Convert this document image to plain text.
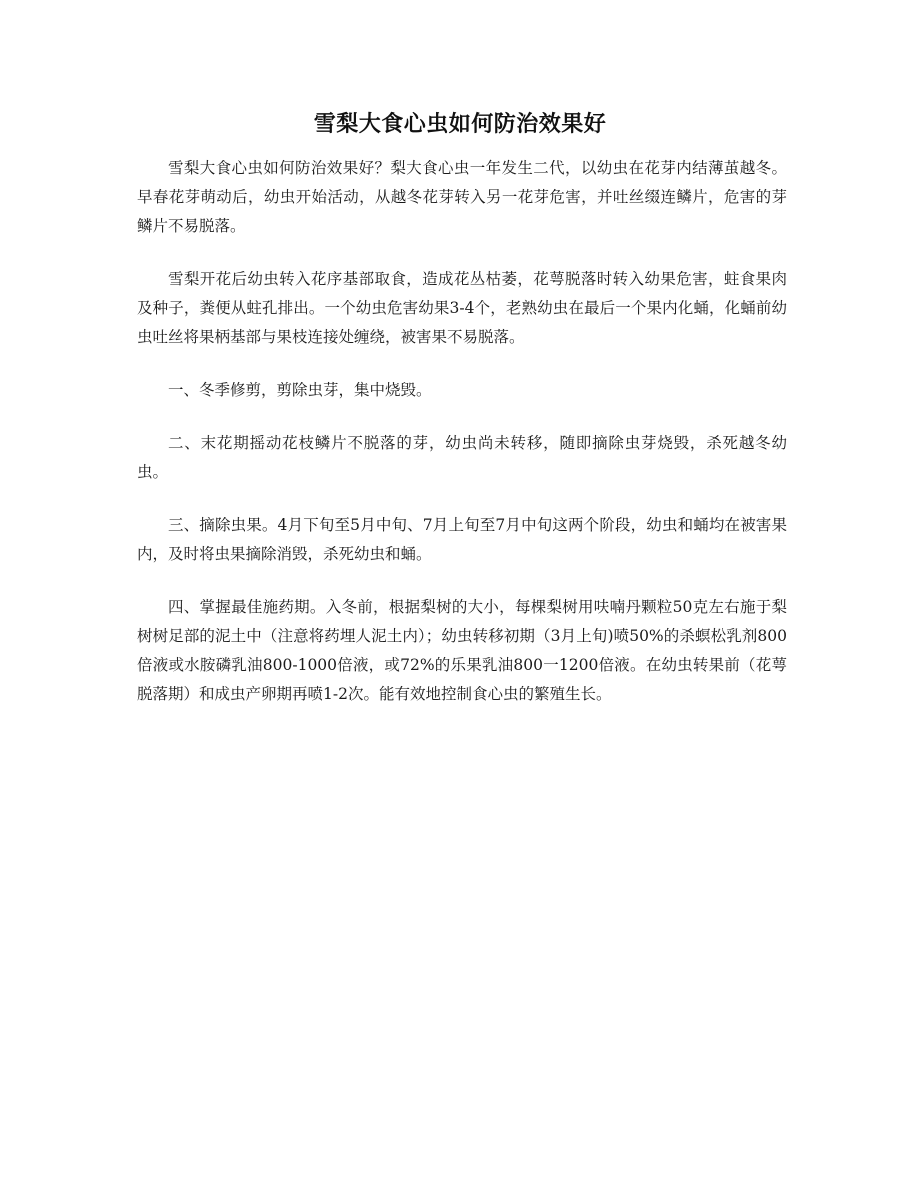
雪梨大食心虫如何防治效果好

雪梨大食心虫如何防治效果好？梨大食心虫一年发生二代，以幼虫在花芽内结薄茧越冬。早春花芽萌动后，幼虫开始活动，从越冬花芽转入另一花芽危害，并吐丝缀连鳞片，危害的芽鳞片不易脱落。

雪梨开花后幼虫转入花序基部取食，造成花丛枯萎，花萼脱落时转入幼果危害，蛀食果肉及种子，粪便从蛀孔排出。一个幼虫危害幼果3-4个，老熟幼虫在最后一个果内化蛹，化蛹前幼虫吐丝将果柄基部与果枝连接处缠绕，被害果不易脱落。

一、冬季修剪，剪除虫芽，集中烧毁。

二、末花期摇动花枝鳞片不脱落的芽，幼虫尚未转移，随即摘除虫芽烧毁，杀死越冬幼虫。

三、摘除虫果。4月下旬至5月中旬、7月上旬至7月中旬这两个阶段，幼虫和蛹均在被害果内，及时将虫果摘除消毁，杀死幼虫和蛹。

四、掌握最佳施药期。入冬前，根据梨树的大小，每棵梨树用呋喃丹颗粒50克左右施于梨树树足部的泥土中（注意将药埋人泥土内）；幼虫转移初期（3月上旬)喷50%的杀螟松乳剂800倍液或水胺磷乳油800-1000倍液，或72%的乐果乳油800一1200倍液。在幼虫转果前（花萼脱落期）和成虫产卵期再喷1-2次。能有效地控制食心虫的繁殖生长。
